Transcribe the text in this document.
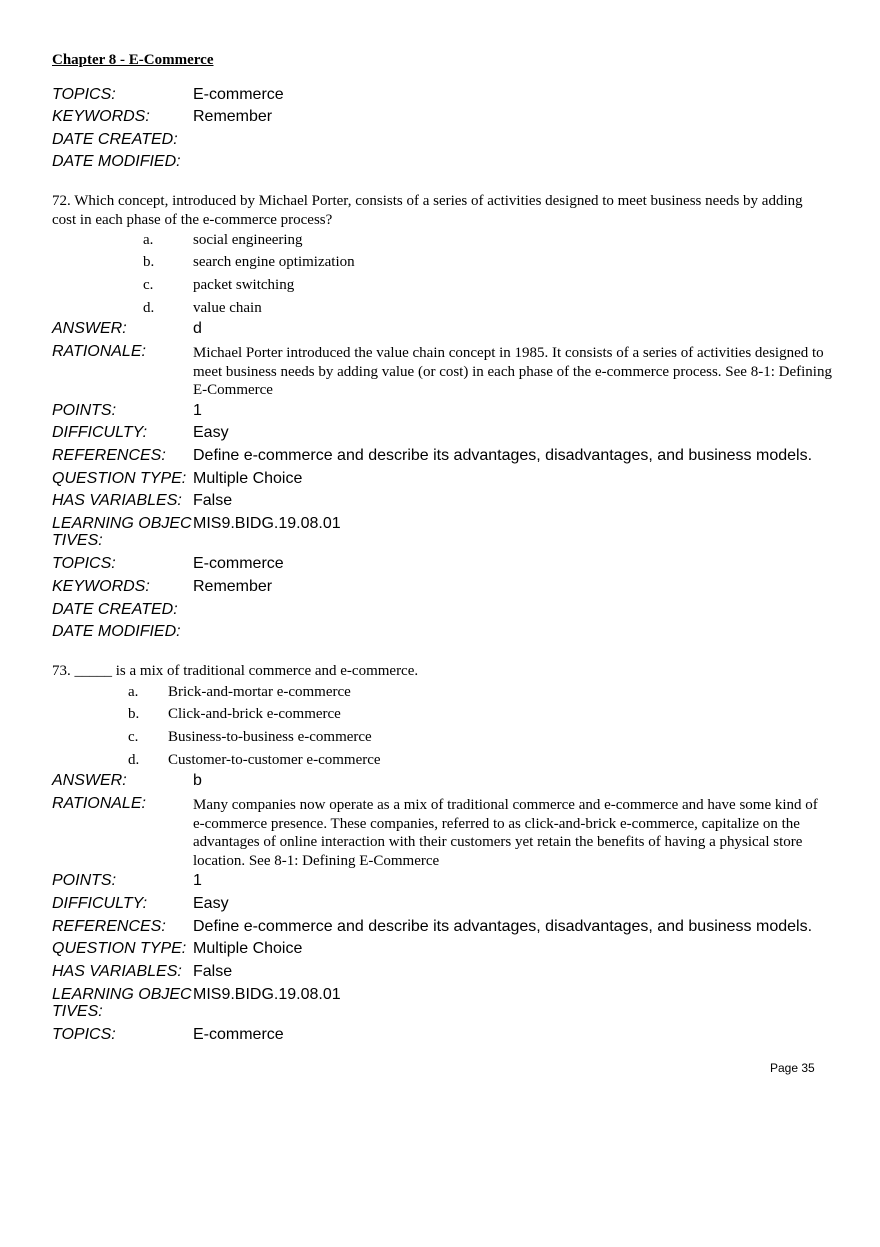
Chapter 8 - E-Commerce
TOPICS:	E-commerce
KEYWORDS:	Remember
DATE CREATED:
DATE MODIFIED:
72. Which concept, introduced by Michael Porter, consists of a series of activities designed to meet business needs by adding cost in each phase of the e-commerce process?
a.	social engineering
b.	search engine optimization
c.	packet switching
d.	value chain
ANSWER:	d
RATIONALE:	Michael Porter introduced the value chain concept in 1985. It consists of a series of activities designed to meet business needs by adding value (or cost) in each phase of the e-commerce process. See 8-1: Defining E-Commerce
POINTS:	1
DIFFICULTY:	Easy
REFERENCES:	Define e-commerce and describe its advantages, disadvantages, and business models.
QUESTION TYPE: Multiple Choice
HAS VARIABLES: False
LEARNING OBJECTIVES:
MIS9.BIDG.19.08.01
TOPICS:	E-commerce
KEYWORDS:	Remember
DATE CREATED:
DATE MODIFIED:
73. _____ is a mix of traditional commerce and e-commerce.
a. Brick-and-mortar e-commerce
b. Click-and-brick e-commerce
c. Business-to-business e-commerce
d. Customer-to-customer e-commerce
ANSWER:	b
RATIONALE:	Many companies now operate as a mix of traditional commerce and e-commerce and have some kind of e-commerce presence. These companies, referred to as click-and-brick e-commerce, capitalize on the advantages of online interaction with their customers yet retain the benefits of having a physical store location. See 8-1: Defining E-Commerce
POINTS:	1
DIFFICULTY:	Easy
REFERENCES:	Define e-commerce and describe its advantages, disadvantages, and business models.
QUESTION TYPE: Multiple Choice
HAS VARIABLES: False
LEARNING OBJECTIVES:
MIS9.BIDG.19.08.01
TOPICS:	E-commerce
Page 35
